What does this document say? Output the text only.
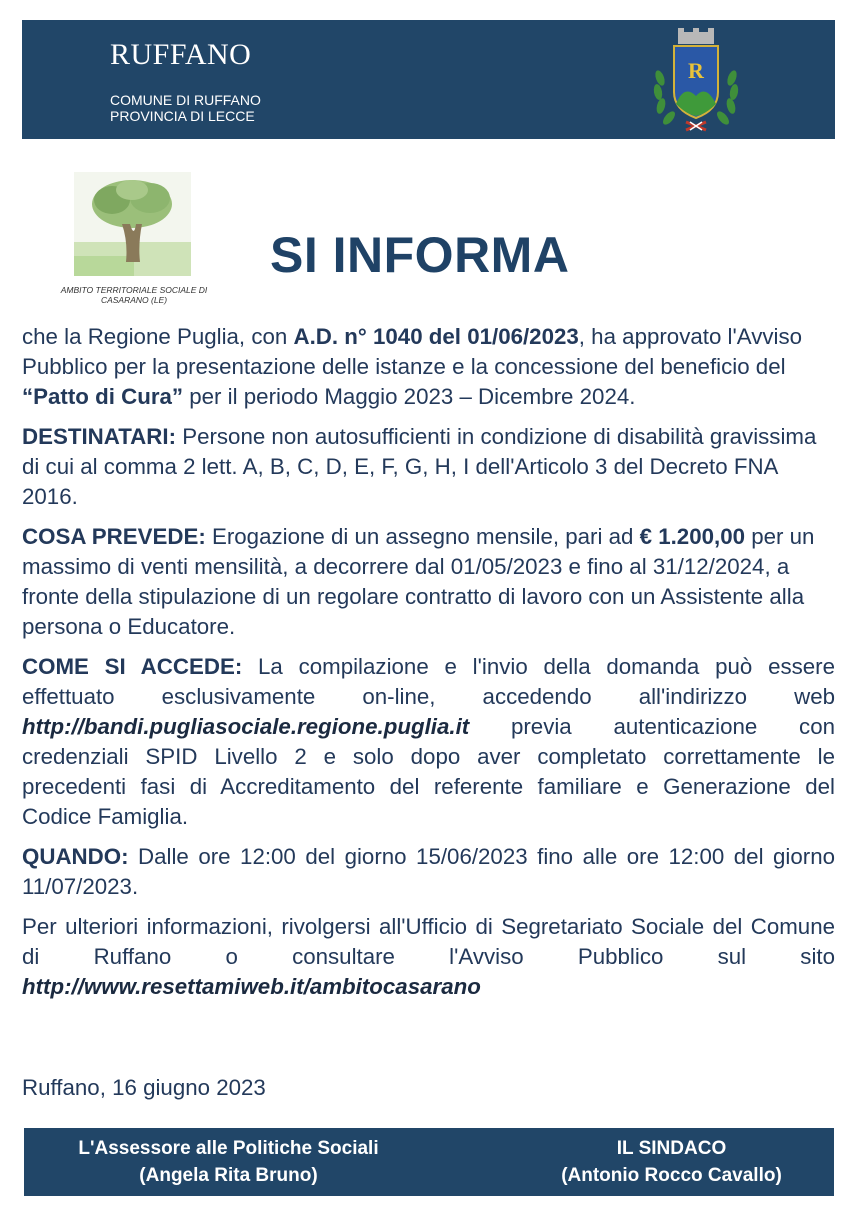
RUFFANO
COMUNE DI RUFFANO
PROVINCIA DI LECCE
R
AMBITO TERRITORIALE SOCIALE DI
CASARANO (LE)
SI INFORMA

che la Regione Puglia, con A.D. n° 1040 del 01/06/2023, ha approvato l'Avviso Pubblico per la presentazione delle istanze e la concessione del beneficio del “Patto di Cura” per il periodo Maggio 2023 – Dicembre 2024.

DESTINATARI: Persone non autosufficienti in condizione di disabilità gravissima di cui al comma 2 lett. A, B, C, D, E, F, G, H, I dell'Articolo 3 del Decreto FNA 2016.

COSA PREVEDE: Erogazione di un assegno mensile, pari ad € 1.200,00 per un massimo di venti mensilità, a decorrere dal 01/05/2023 e fino al 31/12/2024, a fronte della stipulazione di un regolare contratto di lavoro con un Assistente alla persona o Educatore.

COME SI ACCEDE: La compilazione e l'invio della domanda può essere effettuato esclusivamente on-line, accedendo all'indirizzo web http://bandi.pugliasociale.regione.puglia.it previa autenticazione con credenziali SPID Livello 2 e solo dopo aver completato correttamente le precedenti fasi di Accreditamento del referente familiare e Generazione del Codice Famiglia.

QUANDO: Dalle ore 12:00 del giorno 15/06/2023 fino alle ore 12:00 del giorno 11/07/2023.

Per ulteriori informazioni, rivolgersi all'Ufficio di Segretariato Sociale del Comune di Ruffano o consultare l'Avviso Pubblico sul sito http://www.resettamiweb.it/ambitocasarano

Ruffano, 16 giugno 2023
L'Assessore alle Politiche Sociali
(Angela Rita Bruno)
IL SINDACO
(Antonio Rocco Cavallo)
